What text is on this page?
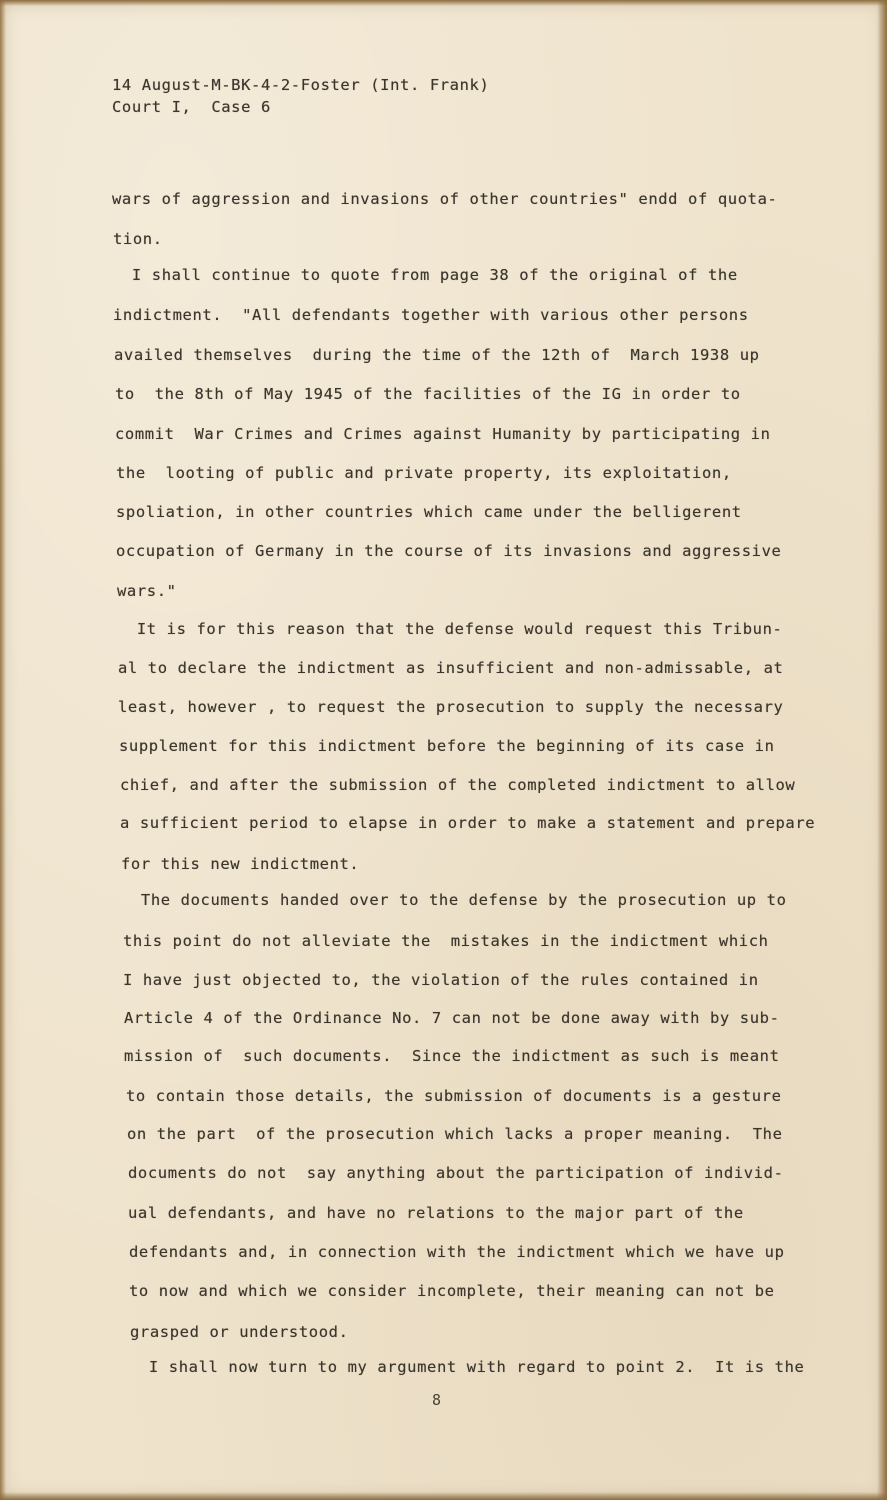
14 August-M-BK-4-2-Foster (Int. Frank)

Court I,  Case 6

wars of aggression and invasions of other countries" endd of quota-

tion.

I shall continue to quote from page 38 of the original of the

indictment.  "All defendants together with various other persons

availed themselves  during the time of the 12th of  March 1938 up

to  the 8th of May 1945 of the facilities of the IG in order to

commit  War Crimes and Crimes against Humanity by participating in

the  looting of public and private property, its exploitation,

spoliation, in other countries which came under the belligerent

occupation of Germany in the course of its invasions and aggressive

wars."

It is for this reason that the defense would request this Tribun-

al to declare the indictment as insufficient and non-admissable, at

least, however , to request the prosecution to supply the necessary

supplement for this indictment before the beginning of its case in

chief, and after the submission of the completed indictment to allow

a sufficient period to elapse in order to make a statement and prepare

for this new indictment.

The documents handed over to the defense by the prosecution up to

this point do not alleviate the  mistakes in the indictment which

I have just objected to, the violation of the rules contained in

Article 4 of the Ordinance No. 7 can not be done away with by sub-

mission of  such documents.  Since the indictment as such is meant

to contain those details, the submission of documents is a gesture

on the part  of the prosecution which lacks a proper meaning.  The

documents do not  say anything about the participation of individ-

ual defendants, and have no relations to the major part of the

defendants and, in connection with the indictment which we have up

to now and which we consider incomplete, their meaning can not be

grasped or understood.

I shall now turn to my argument with regard to point 2.  It is the

8
